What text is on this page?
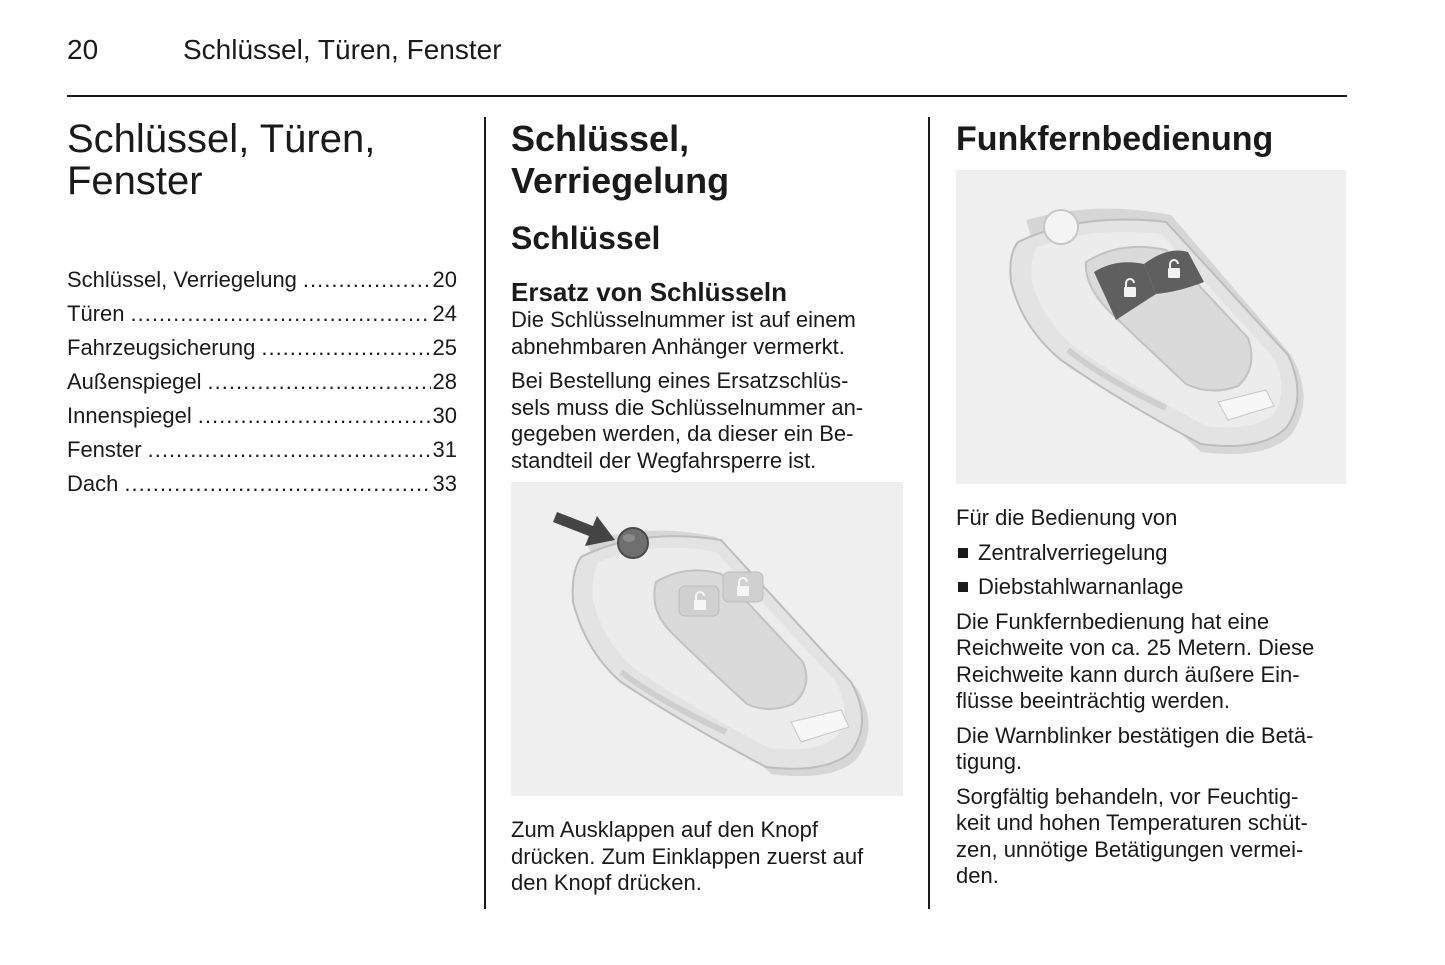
20	Schlüssel, Türen, Fenster
Schlüssel, Türen,
Fenster
Schlüssel, Verriegelung .....	20
Türen .....	24
Fahrzeugsicherung .....	25
Außenspiegel .....	28
Innenspiegel .....	30
Fenster .....	31
Dach .....	33
Schlüssel, Verriegelung
Schlüssel
Ersatz von Schlüsseln

Die Schlüsselnummer ist auf einem
abnehmbaren Anhänger vermerkt.

Bei Bestellung eines Ersatzschlüs-
sels muss die Schlüsselnummer an-
gegeben werden, da dieser ein Be-
standteil der Wegfahrsperre ist.

Zum Ausklappen auf den Knopf
drücken. Zum Einklappen zuerst auf
den Knopf drücken.

Funkfernbedienung

Für die Bedienung von

Zentralverriegelung
Diebstahlwarnanlage

Die Funkfernbedienung hat eine
Reichweite von ca. 25 Metern. Diese
Reichweite kann durch äußere Ein-
flüsse beeinträchtig werden.

Die Warnblinker bestätigen die Betä-
tigung.

Sorgfältig behandeln, vor Feuchtig-
keit und hohen Temperaturen schüt-
zen, unnötige Betätigungen vermei-
den.
